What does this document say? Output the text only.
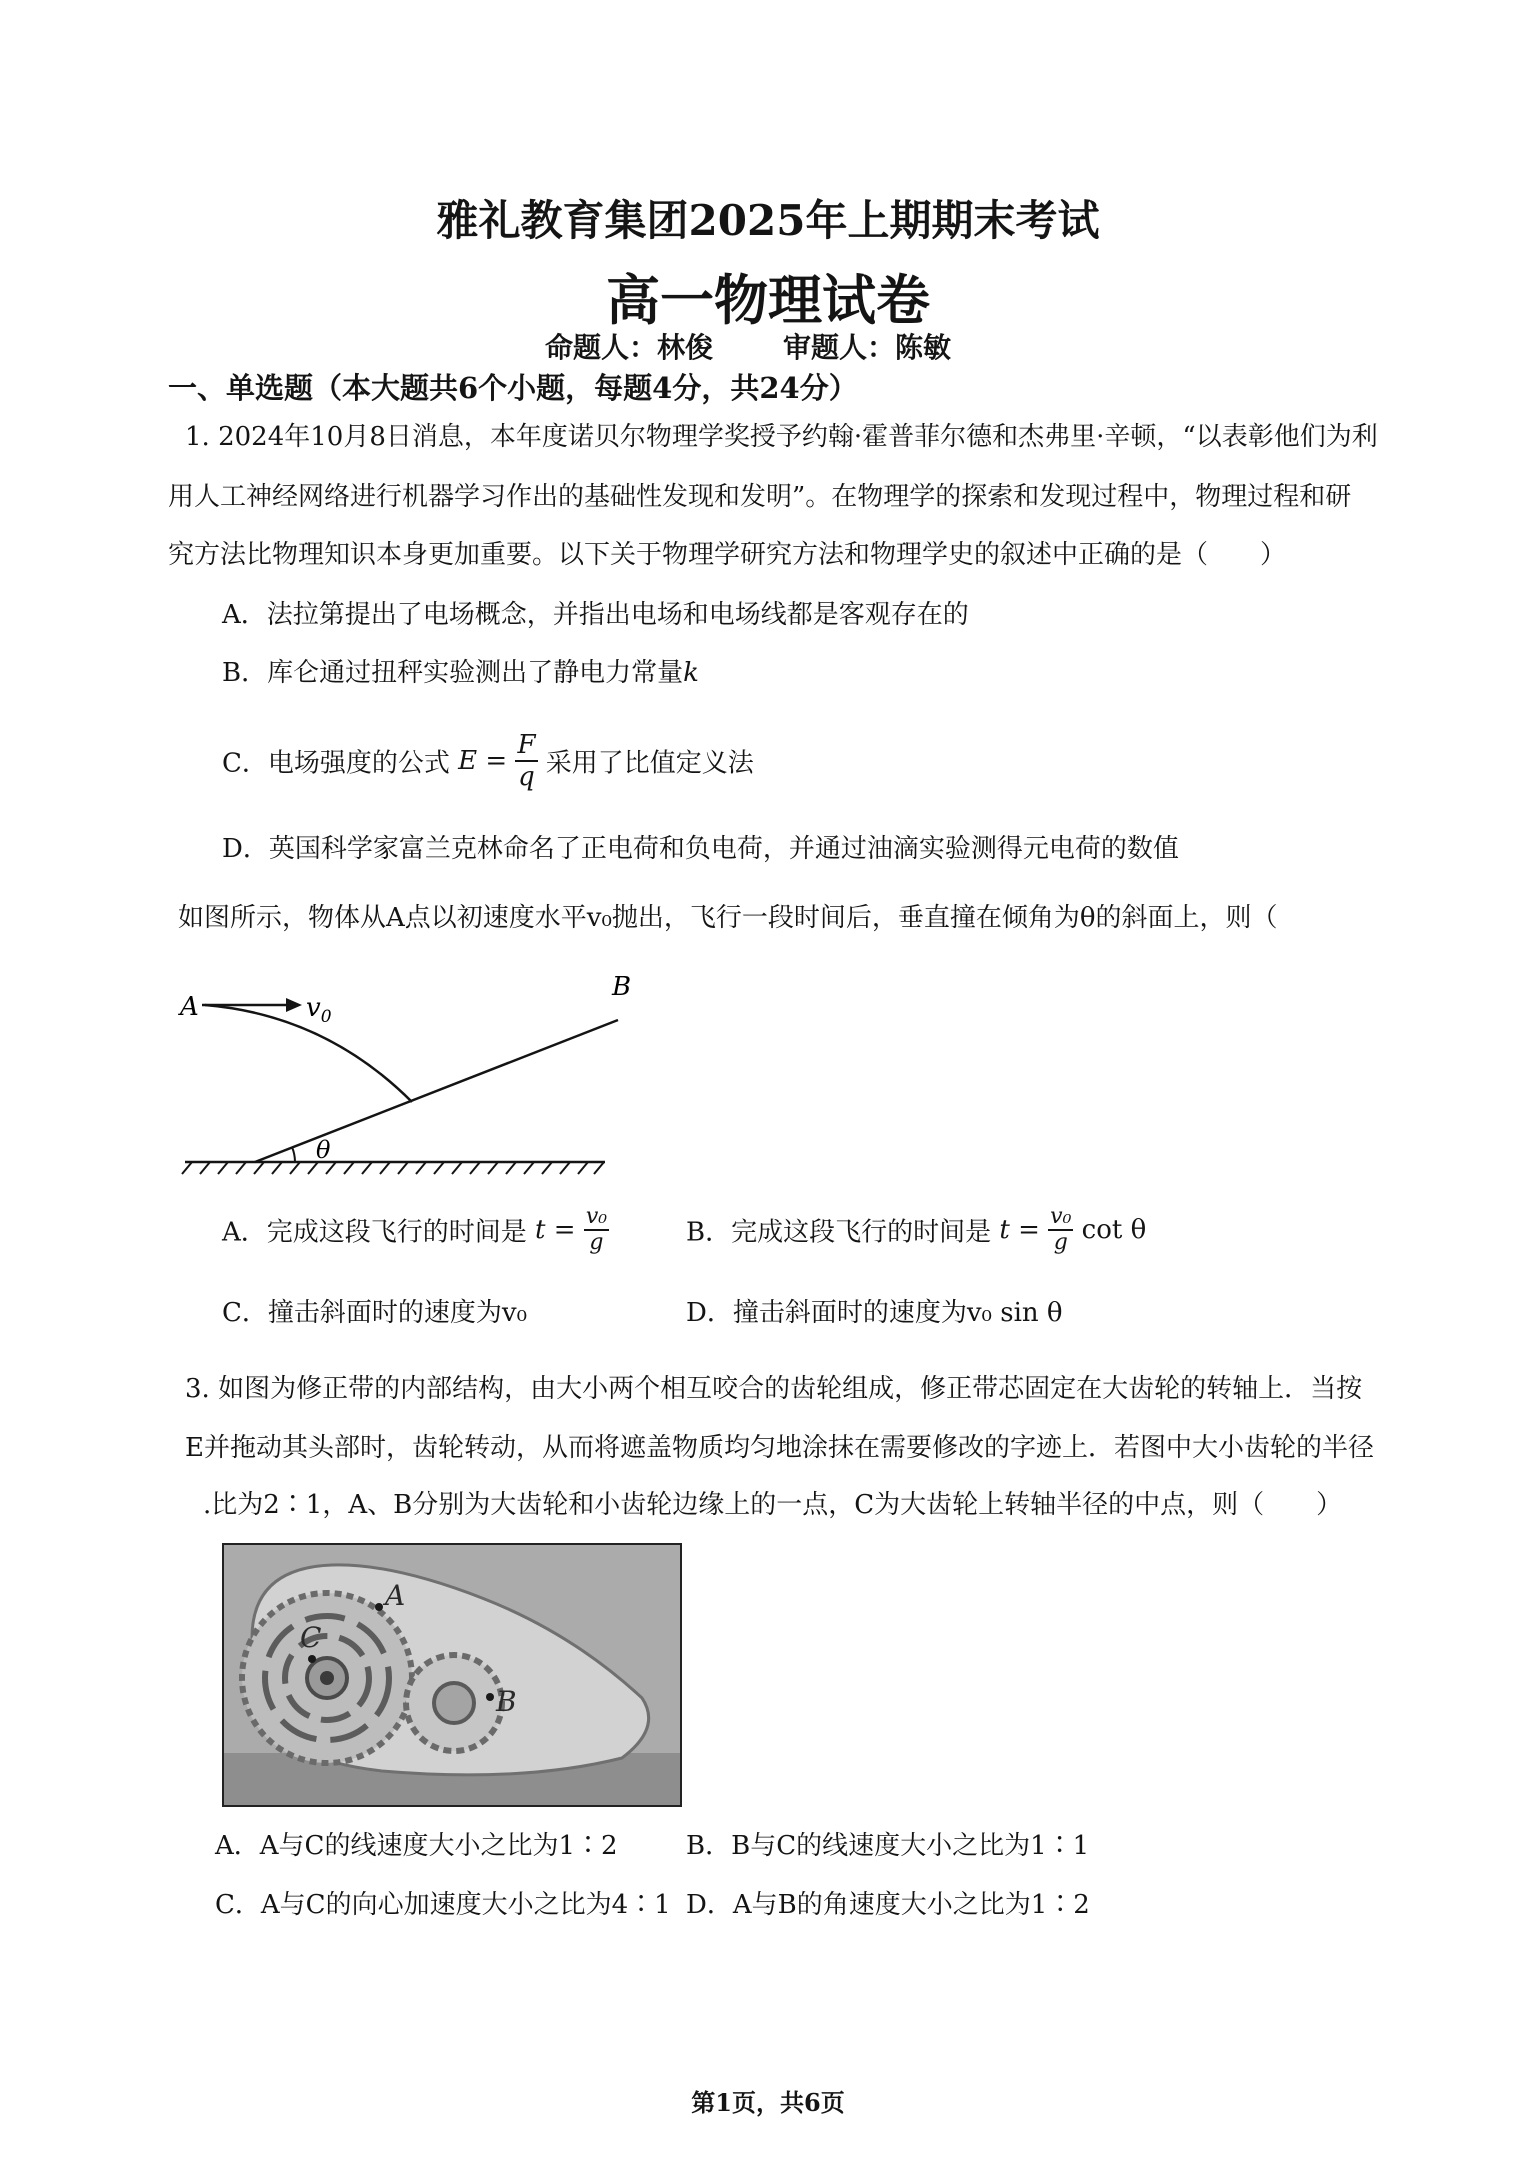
雅礼教育集团2025年上期期末考试
高一物理试卷
命题人：林俊	审题人：陈敏
一、单选题（本大题共6个小题，每题4分，共24分）
1. 2024年10月8日消息，本年度诺贝尔物理学奖授予约翰·霍普菲尔德和杰弗里·辛顿，“以表彰他们为利
用人工神经网络进行机器学习作出的基础性发现和发明”。在物理学的探索和发现过程中，物理过程和研
究方法比物理知识本身更加重要。以下关于物理学研究方法和物理学史的叙述中正确的是（　　）
A．法拉第提出了电场概念，并指出电场和电场线都是客观存在的
B．库仑通过扭秤实验测出了静电力常量k
C．电场强度的公式 $E = \frac{F}{q}$ 采用了比值定义法
D．英国科学家富兰克林命名了正电荷和负电荷，并通过油滴实验测得元电荷的数值
如图所示，物体从A点以初速度水平v₀抛出，飞行一段时间后，垂直撞在倾角为θ的斜面上，则（
A	$v_0$
B
θ
A．完成这段飞行的时间是 $t = \frac{\text{v₀}}{g}$	B．完成这段飞行的时间是 $t = \frac{\text{v₀}}{g}$ cot θ
C．撞击斜面时的速度为v₀	D．撞击斜面时的速度为v₀ sin θ
3. 如图为修正带的内部结构，由大小两个相互咬合的齿轮组成，修正带芯固定在大齿轮的转轴上．当按
E并拖动其头部时，齿轮转动，从而将遮盖物质均匀地涂抹在需要修改的字迹上．若图中大小齿轮的半径
.比为2∶1，A、B分别为大齿轮和小齿轮边缘上的一点，C为大齿轮上转轴半径的中点，则（　　）
A
B
C
A．A与C的线速度大小之比为1∶2	B．B与C的线速度大小之比为1∶1
C．A与C的向心加速度大小之比为4∶1 D．A与B的角速度大小之比为1∶2
第1页，共6页
